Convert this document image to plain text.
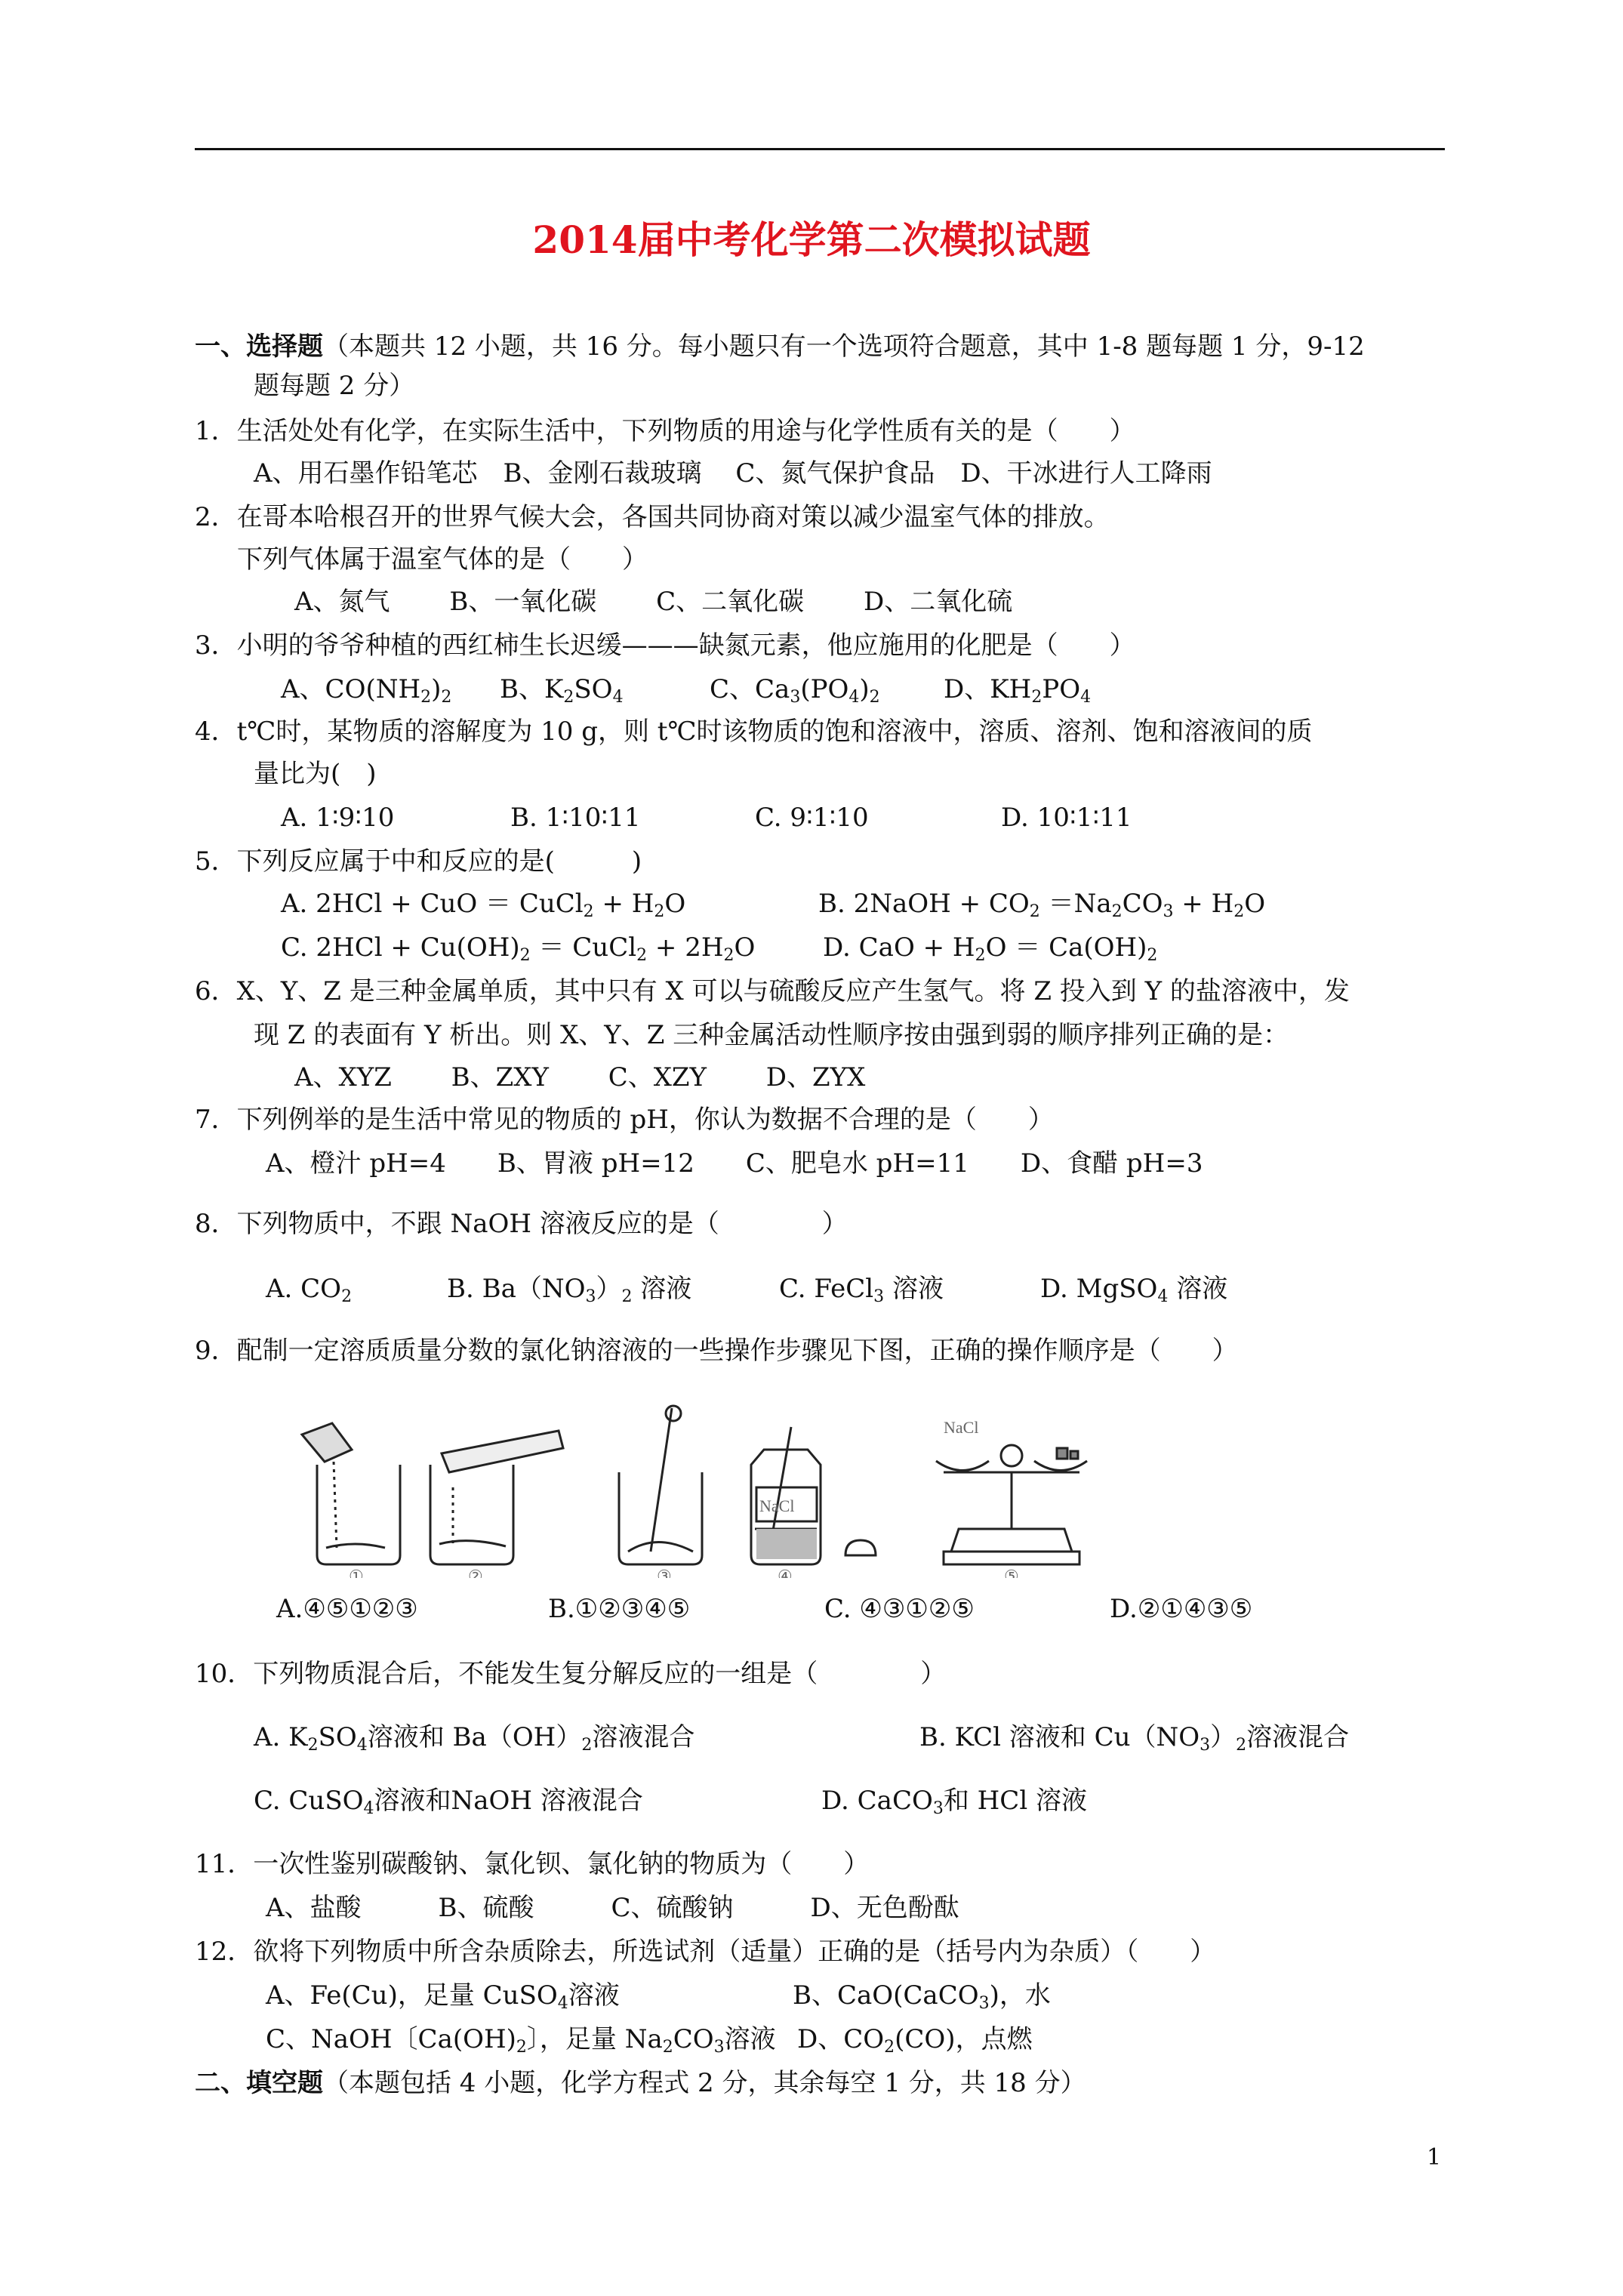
2014届中考化学第二次模拟试题
一、选择题（本题共 12 小题，共 16 分。每小题只有一个选项符合题意，其中 1-8 题每题 1 分，9-12
题每题 2 分）
1．生活处处有化学，在实际生活中，下列物质的用途与化学性质有关的是（　　）
A、用石墨作铅笔芯　B、金刚石裁玻璃　 C、氮气保护食品　D、干冰进行人工降雨
2．在哥本哈根召开的世界气候大会，各国共同协商对策以减少温室气体的排放。
下列气体属于温室气体的是（　　）
A、氮气　　 B、一氧化碳　　 C、二氧化碳　　 D、二氧化硫
3．小明的爷爷种植的西红柿生长迟缓———缺氮元素，他应施用的化肥是（　　）
A、$CO(NH_2)_2$ B、$K_2SO_4$	C、$Ca_3(PO_4)_2$ D、$KH_2PO_4$
4．t℃时，某物质的溶解度为 10 g，则 t℃时该物质的饱和溶液中，溶质、溶剂、饱和溶液间的质
量比为(　)
A. 1∶9∶10	B. 1∶10∶11	C. 9∶1∶10	D. 10∶1∶11
5．下列反应属于中和反应的是(　　　)
A. 2HCl + CuO ＝ CuCl$_2$ + $H_2O$	B. 2NaOH + $CO_2 =Na_2CO_3 + H_2O$
C. $2HCl + Cu(OH)_2$ ＝ CuCl$_2$ + $2H_2O$	D. CaO + $H_2O = Ca(OH)_2$
6．X、Y、Z 是三种金属单质，其中只有 X 可以与硫酸反应产生氢气。将 Z 投入到 Y 的盐溶液中，发
现 Z 的表面有 Y 析出。则 X、Y、Z 三种金属活动性顺序按由强到弱的顺序排列正确的是：
A、XYZ　　 B、ZXY　　 C、XZY　　 D、ZYX
7．下列例举的是生活中常见的物质的 pH，你认为数据不合理的是（　　）
A、橙汁 pH=4　　B、胃液 pH=12　　C、肥皂水 pH=11　　D、食醋 pH=3
8．下列物质中，不跟 NaOH 溶液反应的是（　　　　）
A. $CO_2$	B. $Ba(NO_3)_2$ 溶液	C. FeCl$_3$ 溶液	D. MgSO$_4$ 溶液
9．配制一定溶质质量分数的氯化钠溶液的一些操作步骤见下图，正确的操作顺序是（　　）
NaCl
NaCl
①	②	③	④	⑤
A.④⑤①②③	B.①②③④⑤	C. ④③①②⑤	D.②①④③⑤
10．下列物质混合后，不能发生复分解反应的一组是（　　　　）
A. $K_2SO_4$溶液和 $Ba(OH)_2$溶液混合	B. KCl 溶液和 $Cu(NO_3)_2$溶液混合
C. CuSO$_4$溶液和NaOH 溶液混合	D. CaCO$_3$和 HCl 溶液
11．一次性鉴别碳酸钠、氯化钡、氯化钠的物质为（　　）
A、盐酸　　　B、硫酸　　　C、硫酸钠　　　D、无色酚酞
12．欲将下列物质中所含杂质除去，所选试剂（适量）正确的是（括号内为杂质）（　　）
A、Fe(Cu)，足量 CuSO$_4$溶液	B、CaO(CaCO$_3$)，水
C、NaOH〔$Ca(OH)_2$〕，足量 $Na_2CO_3$溶液 D、$CO_2(CO)$，点燃
二、填空题（本题包括 4 小题，化学方程式 2 分，其余每空 1 分，共 18 分）
1
